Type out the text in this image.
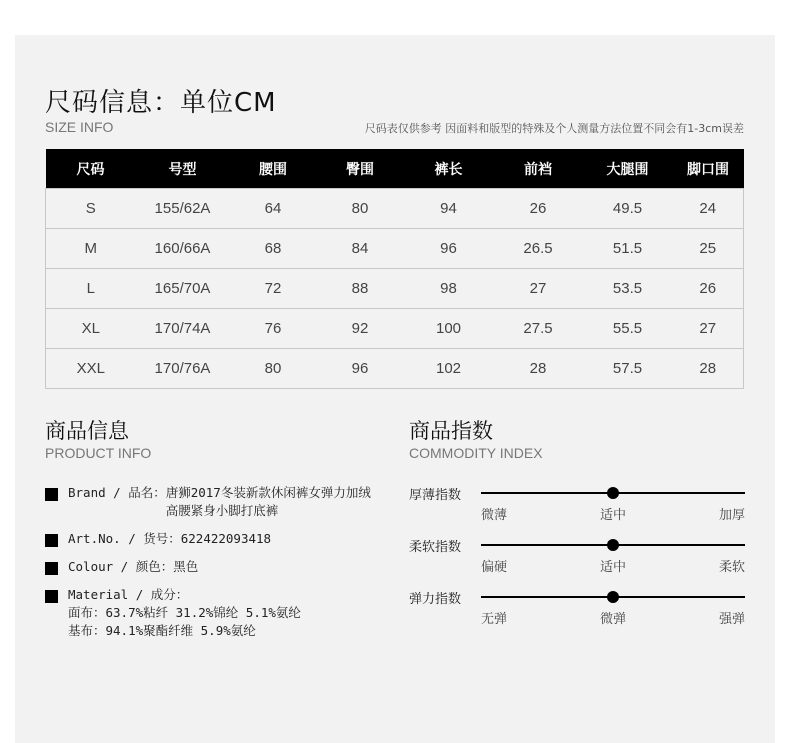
尺码信息：单位CM
SIZE INFO	尺码表仅供参考 因面料和版型的特殊及个人测量方法位置不同会有1-3cm误差
尺码	号型	腰围	臀围	裤长	前裆	大腿围	脚口围
S	155/62A	64	80	94	26	49.5	24
M	160/66A	68	84	96	26.5	51.5	25
L	165/70A	72	88	98	27	53.5	26
XL	170/74A	76	92	100	27.5	55.5	27
XXL	170/76A	80	96	102	28	57.5	28
商品信息
PRODUCT INFO
Brand / 品名： 唐狮2017冬装新款休闲裤女弹力加绒高腰紧身小脚打底裤
Art.No. / 货号：622422093418
Colour / 颜色：黑色
Material / 成分：
面布：63.7%粘纤 31.2%锦纶 5.1%氨纶
基布：94.1%聚酯纤维 5.9%氨纶
商品指数
COMMODITY INDEX
厚薄指数
微薄	适中	加厚
柔软指数
偏硬	适中	柔软
弹力指数
无弹	微弹	强弹
